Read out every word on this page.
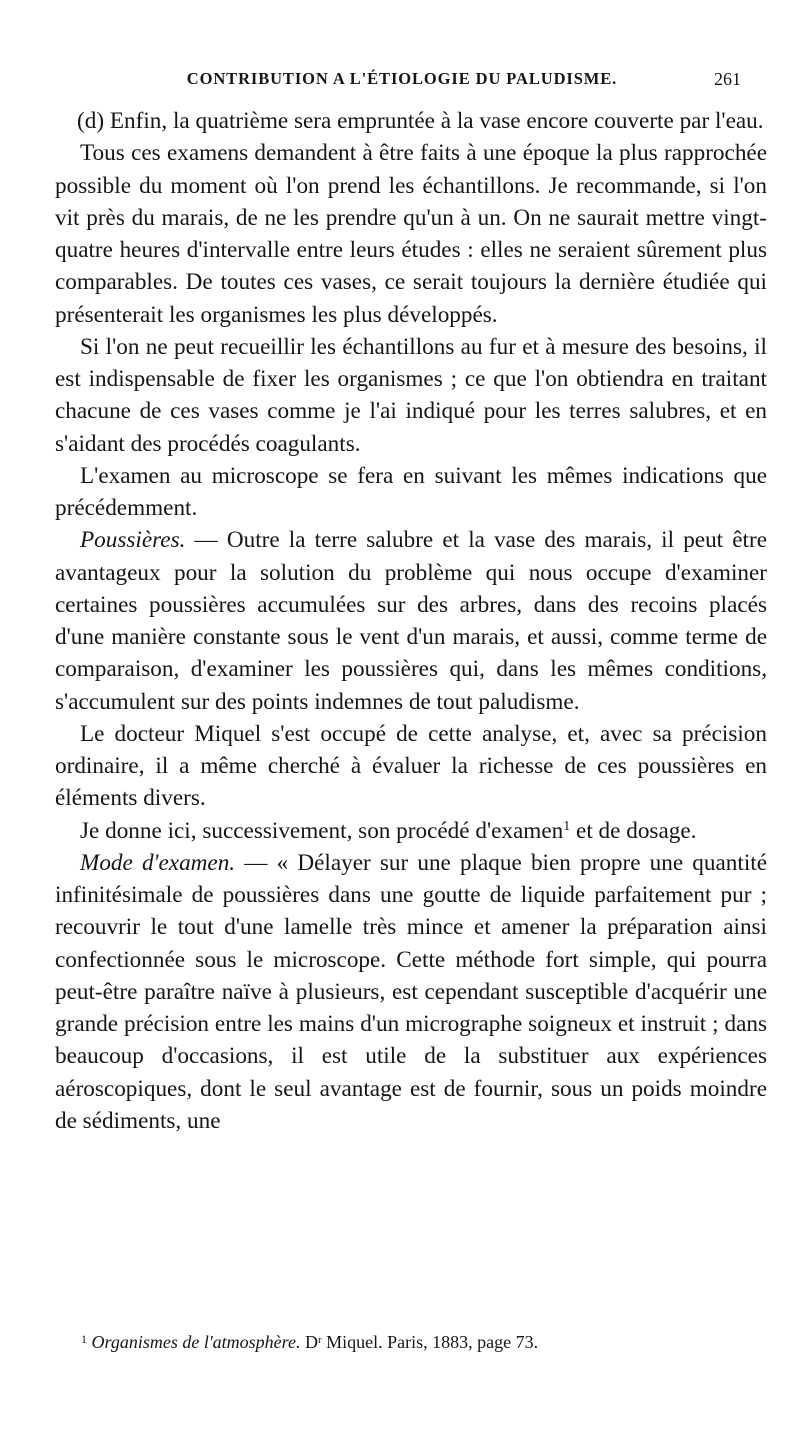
CONTRIBUTION A L'ÉTIOLOGIE DU PALUDISME.	261

(d) Enfin, la quatrième sera empruntée à la vase encore couverte par l'eau.

Tous ces examens demandent à être faits à une époque la plus rapprochée possible du moment où l'on prend les échantillons. Je recommande, si l'on vit près du marais, de ne les prendre qu'un à un. On ne saurait mettre vingt-quatre heures d'intervalle entre leurs études : elles ne seraient sûrement plus comparables. De toutes ces vases, ce serait toujours la dernière étudiée qui présenterait les organismes les plus développés.

Si l'on ne peut recueillir les échantillons au fur et à mesure des besoins, il est indispensable de fixer les organismes ; ce que l'on obtiendra en traitant chacune de ces vases comme je l'ai indiqué pour les terres salubres, et en s'aidant des procédés coagulants.

L'examen au microscope se fera en suivant les mêmes indications que précédemment.

Poussières. — Outre la terre salubre et la vase des marais, il peut être avantageux pour la solution du problème qui nous occupe d'examiner certaines poussières accumulées sur des arbres, dans des recoins placés d'une manière constante sous le vent d'un marais, et aussi, comme terme de comparaison, d'examiner les poussières qui, dans les mêmes conditions, s'accumulent sur des points indemnes de tout paludisme.

Le docteur Miquel s'est occupé de cette analyse, et, avec sa précision ordinaire, il a même cherché à évaluer la richesse de ces poussières en éléments divers.

Je donne ici, successivement, son procédé d'examen$^1$ et de dosage.

Mode d'examen. — « Délayer sur une plaque bien propre une quantité infinitésimale de poussières dans une goutte de liquide parfaitement pur ; recouvrir le tout d'une lamelle très mince et amener la préparation ainsi confectionnée sous le microscope. Cette méthode fort simple, qui pourra peut-être paraître naïve à plusieurs, est cependant susceptible d'acquérir une grande précision entre les mains d'un micrographe soigneux et instruit ; dans beaucoup d'occasions, il est utile de la substituer aux expériences aéroscopiques, dont le seul avantage est de fournir, sous un poids moindre de sédiments, une

$^1$ Organismes de l'atmosphère. $D^r$ Miquel. Paris, 1883, page 73.
